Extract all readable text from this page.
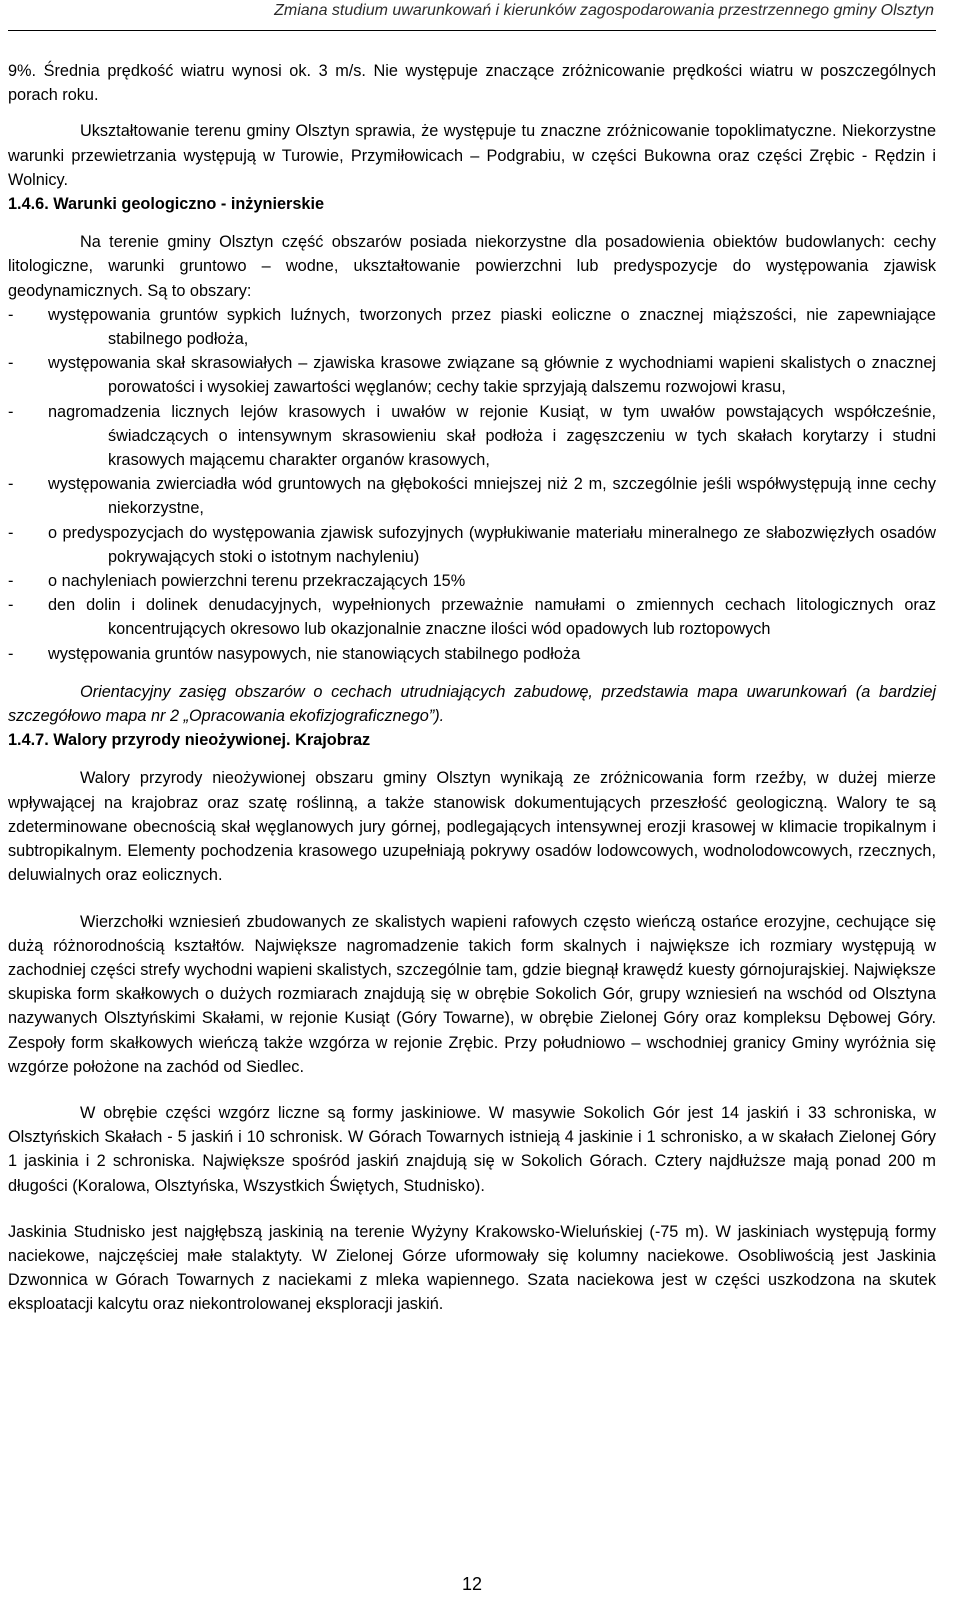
Zmiana studium uwarunkowań i kierunków zagospodarowania przestrzennego gminy Olsztyn

9%. Średnia prędkość wiatru wynosi ok. 3 m/s. Nie występuje znaczące zróżnicowanie prędkości wiatru w poszczególnych porach roku.

Ukształtowanie terenu gminy Olsztyn sprawia, że występuje tu znaczne zróżnicowanie topoklimatyczne. Niekorzystne warunki przewietrzania występują w Turowie, Przymiłowicach – Podgrabiu, w części Bukowna oraz części Zrębic - Rędzin i Wolnicy.

1.4.6. Warunki geologiczno - inżynierskie

Na terenie gminy Olsztyn część obszarów posiada niekorzystne dla posadowienia obiektów budowlanych: cechy litologiczne, warunki gruntowo – wodne, ukształtowanie powierzchni lub predyspozycje do występowania zjawisk geodynamicznych. Są to obszary:

- występowania gruntów sypkich luźnych, tworzonych przez piaski eoliczne o znacznej miąższości, nie zapewniające stabilnego podłoża,
- występowania skał skrasowiałych – zjawiska krasowe związane są głównie z wychodniami wapieni skalistych o znacznej porowatości i wysokiej zawartości węglanów; cechy takie sprzyjają dalszemu rozwojowi krasu,
- nagromadzenia licznych lejów krasowych i uwałów w rejonie Kusiąt, w tym uwałów powstających współcześnie, świadczących o intensywnym skrasowieniu skał podłoża i zagęszczeniu w tych skałach korytarzy i studni krasowych mającemu charakter organów krasowych,
- występowania zwierciadła wód gruntowych na głębokości mniejszej niż 2 m, szczególnie jeśli współwystępują inne cechy niekorzystne,
- o predyspozycjach do występowania zjawisk sufozyjnych (wypłukiwanie materiału mineralnego ze słabozwięzłych osadów pokrywających stoki o istotnym nachyleniu)
- o nachyleniach powierzchni terenu przekraczających 15%
- den dolin i dolinek denudacyjnych, wypełnionych przeważnie namułami o zmiennych cechach litologicznych oraz koncentrujących okresowo lub okazjonalnie znaczne ilości wód opadowych lub roztopowych
- występowania gruntów nasypowych, nie stanowiących stabilnego podłoża

Orientacyjny zasięg obszarów o cechach utrudniających zabudowę, przedstawia mapa uwarunkowań (a bardziej szczegółowo mapa nr 2 „Opracowania ekofizjograficznego”).

1.4.7. Walory przyrody nieożywionej. Krajobraz

Walory przyrody nieożywionej obszaru gminy Olsztyn wynikają ze zróżnicowania form rzeźby, w dużej mierze wpływającej na krajobraz oraz szatę roślinną, a także stanowisk dokumentujących przeszłość geologiczną. Walory te są zdeterminowane obecnością skał węglanowych jury górnej, podlegających intensywnej erozji krasowej w klimacie tropikalnym i subtropikalnym. Elementy pochodzenia krasowego uzupełniają pokrywy osadów lodowcowych, wodnolodowcowych, rzecznych, deluwialnych oraz eolicznych.

Wierzchołki wzniesień zbudowanych ze skalistych wapieni rafowych często wieńczą ostańce erozyjne, cechujące się dużą różnorodnością kształtów. Największe nagromadzenie takich form skalnych i największe ich rozmiary występują w zachodniej części strefy wychodni wapieni skalistych, szczególnie tam, gdzie biegnął krawędź kuesty górnojurajskiej. Największe skupiska form skałkowych o dużych rozmiarach znajdują się w obrębie Sokolich Gór, grupy wzniesień na wschód od Olsztyna nazywanych Olsztyńskimi Skałami, w rejonie Kusiąt (Góry Towarne), w obrębie Zielonej Góry oraz kompleksu Dębowej Góry. Zespoły form skałkowych wieńczą także wzgórza w rejonie Zrębic. Przy południowo – wschodniej granicy Gminy wyróżnia się wzgórze położone na zachód od Siedlec.

W obrębie części wzgórz liczne są formy jaskiniowe. W masywie Sokolich Gór jest 14 jaskiń i 33 schroniska, w Olsztyńskich Skałach - 5 jaskiń i 10 schronisk. W Górach Towarnych istnieją 4 jaskinie i 1 schronisko, a w skałach Zielonej Góry 1 jaskinia i 2 schroniska. Największe spośród jaskiń znajdują się w Sokolich Górach. Cztery najdłuższe mają ponad 200 m długości (Koralowa, Olsztyńska, Wszystkich Świętych, Studnisko).

Jaskinia Studnisko jest najgłębszą jaskinią na terenie Wyżyny Krakowsko-Wieluńskiej (-75 m). W jaskiniach występują formy naciekowe, najczęściej małe stalaktyty. W Zielonej Górze uformowały się kolumny naciekowe. Osobliwością jest Jaskinia Dzwonnica w Górach Towarnych z naciekami z mleka wapiennego. Szata naciekowa jest w części uszkodzona na skutek eksploatacji kalcytu oraz niekontrolowanej eksploracji jaskiń.

12
